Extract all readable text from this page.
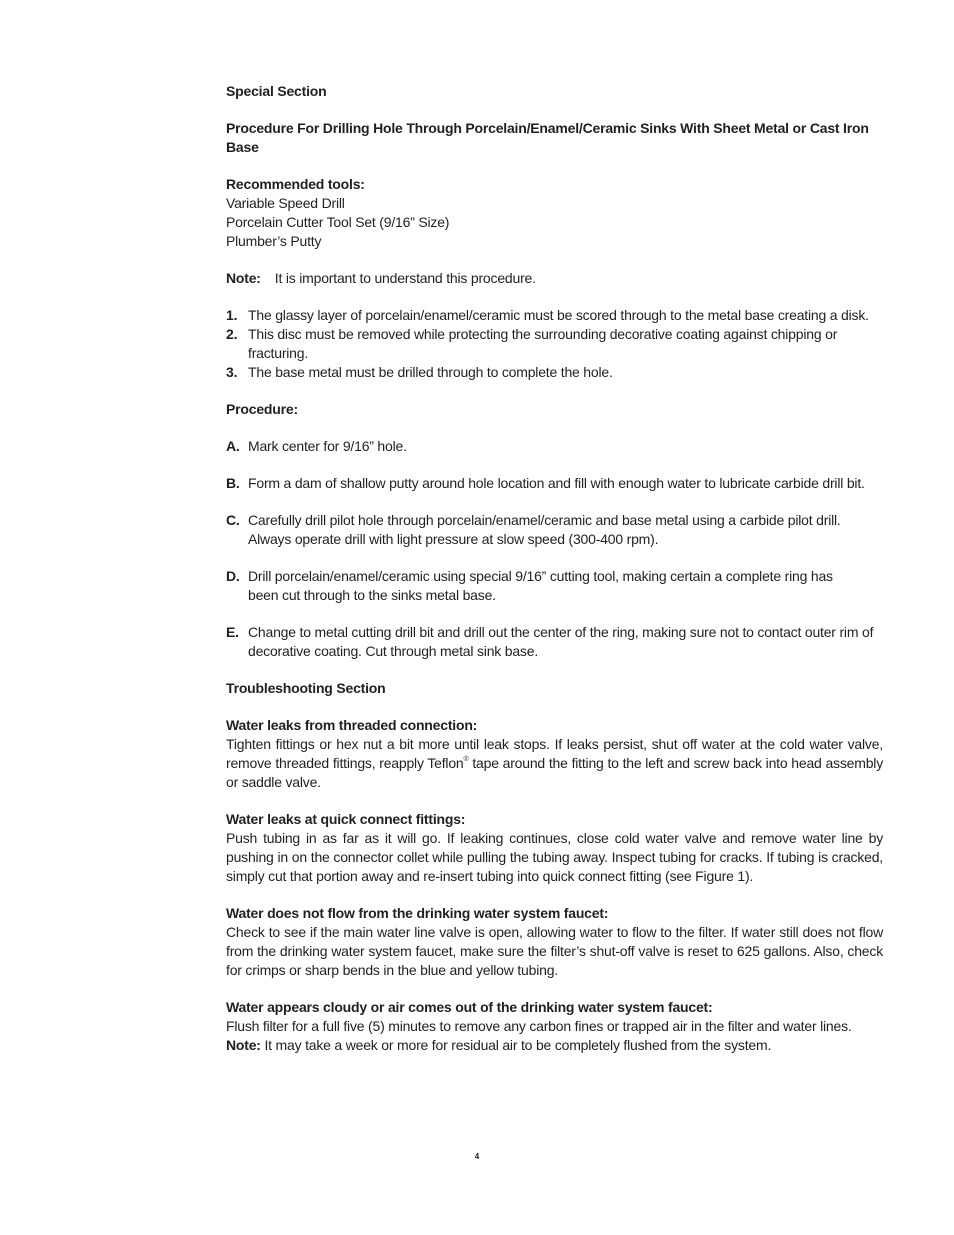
Special Section

Procedure For Drilling Hole Through Porcelain/Enamel/Ceramic Sinks With Sheet Metal or Cast Iron Base

Recommended tools:

Variable Speed Drill

Porcelain Cutter Tool Set (9/16” Size)

Plumber’s Putty

Note: It is important to understand this procedure.

1. The glassy layer of porcelain/enamel/ceramic must be scored through to the metal base creating a disk.
2. This disc must be removed while protecting the surrounding decorative coating against chipping or fracturing.
3. The base metal must be drilled through to complete the hole.

Procedure:

A. Mark center for 9/16” hole.
B. Form a dam of shallow putty around hole location and fill with enough water to lubricate carbide drill bit.
C. Carefully drill pilot hole through porcelain/enamel/ceramic and base metal using a carbide pilot drill. Always operate drill with light pressure at slow speed (300-400 rpm).
D. Drill porcelain/enamel/ceramic using special 9/16” cutting tool, making certain a complete ring has been cut through to the sinks metal base.
E. Change to metal cutting drill bit and drill out the center of the ring, making sure not to contact outer rim of decorative coating. Cut through metal sink base.

Troubleshooting Section

Water leaks from threaded connection:

Tighten fittings or hex nut a bit more until leak stops. If leaks persist, shut off water at the cold water valve, remove threaded fittings, reapply Teflon® tape around the fitting to the left and screw back into head assembly or saddle valve.

Water leaks at quick connect fittings:

Push tubing in as far as it will go. If leaking continues, close cold water valve and remove water line by pushing in on the connector collet while pulling the tubing away. Inspect tubing for cracks. If tubing is cracked, simply cut that portion away and re-insert tubing into quick connect fitting (see Figure 1).

Water does not flow from the drinking water system faucet:

Check to see if the main water line valve is open, allowing water to flow to the filter. If water still does not flow from the drinking water system faucet, make sure the filter’s shut-off valve is reset to 625 gallons. Also, check for crimps or sharp bends in the blue and yellow tubing.

Water appears cloudy or air comes out of the drinking water system faucet:

Flush filter for a full five (5) minutes to remove any carbon fines or trapped air in the filter and water lines.

Note: It may take a week or more for residual air to be completely flushed from the system.

4
